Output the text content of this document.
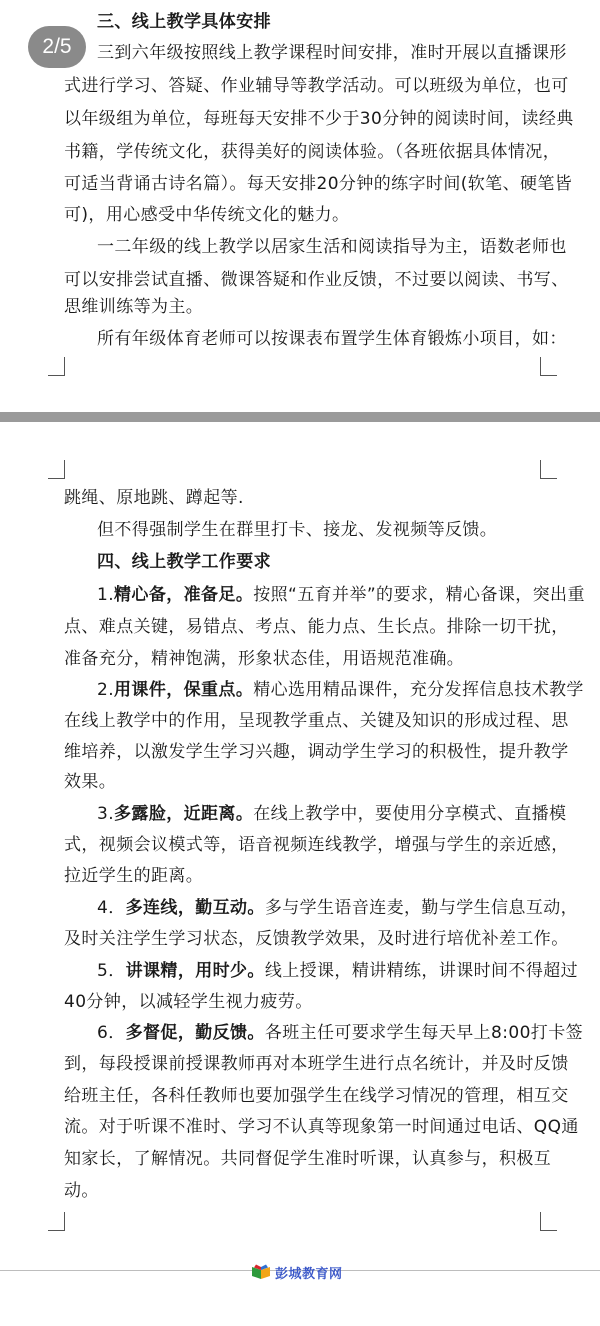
三、线上教学具体安排
三到六年级按照线上教学课程时间安排，准时开展以直播课形
式进行学习、答疑、作业辅导等教学活动。可以班级为单位，也可
以年级组为单位，每班每天安排不少于30分钟的阅读时间，读经典
书籍，学传统文化，获得美好的阅读体验。（各班依据具体情况，
可适当背诵古诗名篇）。每天安排20分钟的练字时间(软笔、硬笔皆
可)，用心感受中华传统文化的魅力。
一二年级的线上教学以居家生活和阅读指导为主，语数老师也
可以安排尝试直播、微课答疑和作业反馈，不过要以阅读、书写、
思维训练等为主。
所有年级体育老师可以按课表布置学生体育锻炼小项目，如：
跳绳、原地跳、蹲起等.
但不得强制学生在群里打卡、接龙、发视频等反馈。
四、线上教学工作要求
1.精心备，准备足。按照“五育并举”的要求，精心备课，突出重
点、难点关键，易错点、考点、能力点、生长点。排除一切干扰，
准备充分，精神饱满，形象状态佳，用语规范准确。
2.用课件，保重点。精心选用精品课件，充分发挥信息技术教学
在线上教学中的作用，呈现教学重点、关键及知识的形成过程、思
维培养，以激发学生学习兴趣，调动学生学习的积极性，提升教学
效果。
3.多露脸，近距离。在线上教学中，要使用分享模式、直播模
式，视频会议模式等，语音视频连线教学，增强与学生的亲近感，
拉近学生的距离。
4．多连线，勤互动。多与学生语音连麦，勤与学生信息互动，
及时关注学生学习状态，反馈教学效果，及时进行培优补差工作。
5．讲课精，用时少。线上授课，精讲精练，讲课时间不得超过
40分钟，以减轻学生视力疲劳。
6．多督促，勤反馈。各班主任可要求学生每天早上8:00打卡签
到，每段授课前授课教师再对本班学生进行点名统计，并及时反馈
给班主任，各科任教师也要加强学生在线学习情况的管理，相互交
流。对于听课不准时、学习不认真等现象第一时间通过电话、QQ通
知家长，了解情况。共同督促学生准时听课，认真参与，积极互
动。
彭城教育网
2/5
